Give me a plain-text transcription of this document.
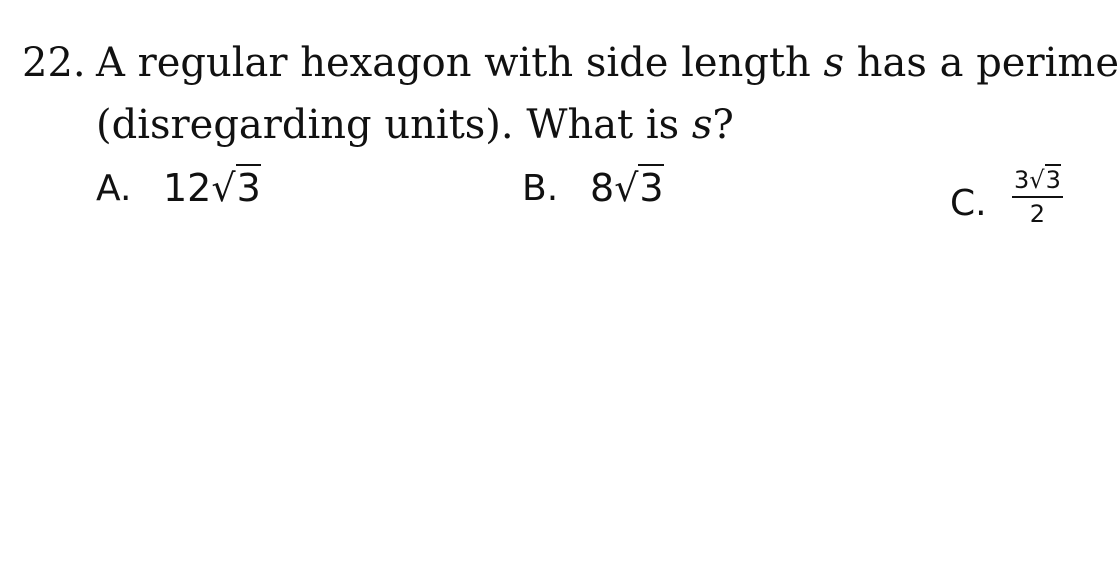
22. A regular hexagon with side length s has a perime
(disregarding units). What is s?
A. 12√3	B. 8√3	C.
3√3
2
